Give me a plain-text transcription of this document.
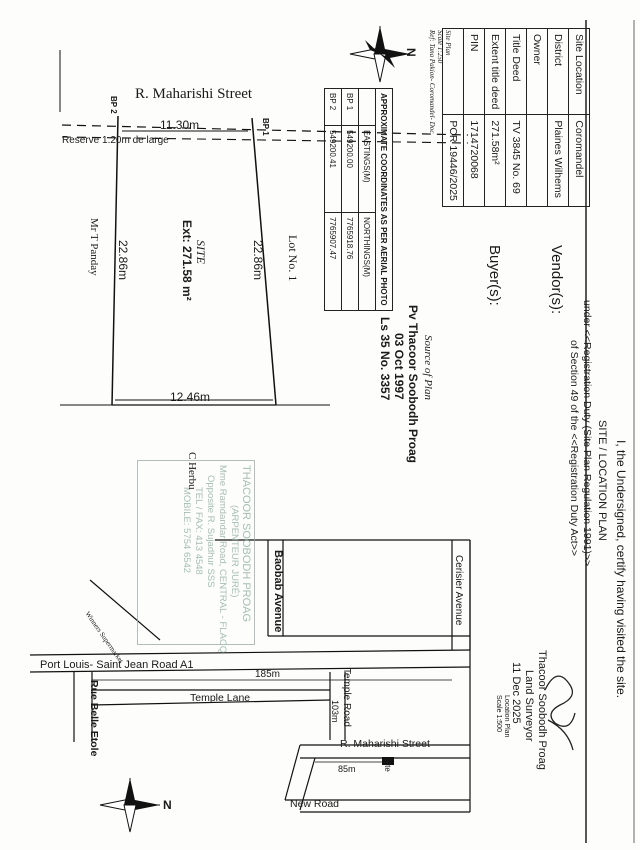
I, the Undersigned, certify having visited the site.
SITE / LOCATION PLAN
under <<Registration Duty (Site Plan Regulation 1991)>>
of Section 49 of the <<Registration Duty Act>>
Vendor(s):
Buyer(s):
Site Location	Coromandel
District	Plaines Wilhems
Owner	
Title Deed	TV 3845 No. 69
Extent title deed	271.58m²
PIN	1714720068
	PCR 19446/2025
Thacoor Soobodh Proag
Land Surveyor
11 Dec 2025
Location Plan
Scale 1:500
Site Plan
Scale 1:250
Ref: Tana Pakion- Coromandel- Doc
N
R. Maharishi Street
11.30m
Reserve 1.20m de large
BP 1
BP 2
22.86m
22.86m	Lot No. 1
Mr T Panday	SITE
Ext: 271.58 m²
12.46m
APPROXIMATE COORDINATES AS PER AERIAL PHOTO		
	EASTINGS(M)	NORTHINGS(M)
BP 1	549200.00	7765918.76
BP 2	549200.41	7765907.47
Source of Plan
Pv Thacoor Soobodh Proag
03 Oct 1997
Ls 35 No. 3357
THACOOR SOOBODH PROAG
(ARPENTEUR JURÉ)
Mme Ramdandar Road, CENTRAL - FLACQ
Opposite R. Sujadhur SSS
TEL / FAX: 413 4548
MOBILE: 5754 6542
C Herbu
Cerisier Avenue
Baobab Avenue
Winners Supermarket
Port Louis- Saint Jean Road A1
185m
Temple Lane	Temple Road
103m
R. Maharishi Street
85m	Site
Rue Belle Etole
New Road
N
